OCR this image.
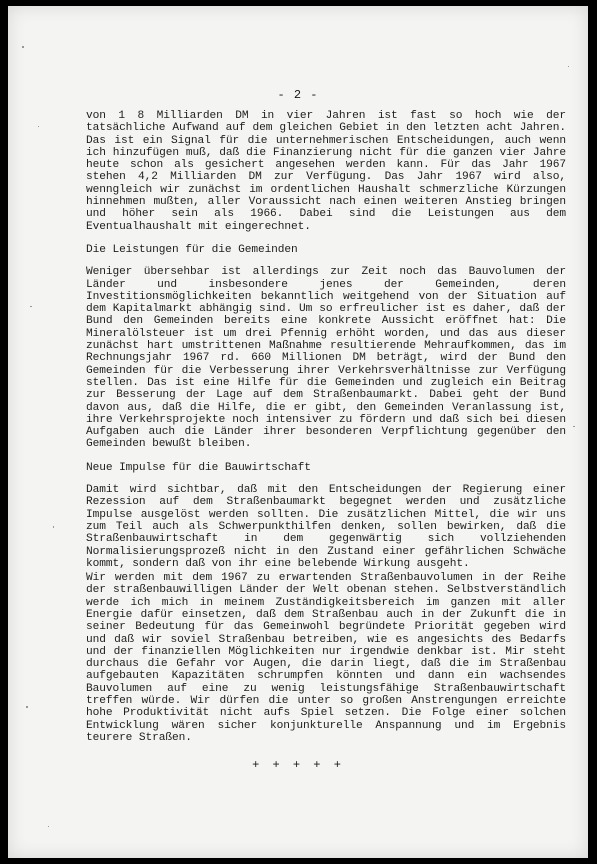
- 2 -

von 1 8 Milliarden DM in vier Jahren ist fast so hoch wie der tatsächliche Aufwand auf dem gleichen Gebiet in den letzten acht Jahren. Das ist ein Signal für die unternehmerischen Entscheidungen, auch wenn ich hinzufügen muß, daß die Finanzierung nicht für die ganzen vier Jahre heute schon als gesichert angesehen werden kann. Für das Jahr 1967 stehen 4,2 Milliarden DM zur Verfügung. Das Jahr 1967 wird also, wenngleich wir zunächst im ordentlichen Haushalt schmerzliche Kürzungen hinnehmen mußten, aller Voraussicht nach einen weiteren Anstieg bringen und höher sein als 1966. Dabei sind die Leistungen aus dem Eventualhaushalt mit eingerechnet.

Die Leistungen für die Gemeinden

Weniger übersehbar ist allerdings zur Zeit noch das Bauvolumen der Länder und insbesondere jenes der Gemeinden, deren Investitionsmöglichkeiten bekanntlich weitgehend von der Situation auf dem Kapitalmarkt abhängig sind. Um so erfreulicher ist es daher, daß der Bund den Gemeinden bereits eine konkrete Aussicht eröffnet hat: Die Mineralölsteuer ist um drei Pfennig erhöht worden, und das aus dieser zunächst hart umstrittenen Maßnahme resultierende Mehraufkommen, das im Rechnungsjahr 1967 rd. 660 Millionen DM beträgt, wird der Bund den Gemeinden für die Verbesserung ihrer Verkehrsverhältnisse zur Verfügung stellen. Das ist eine Hilfe für die Gemeinden und zugleich ein Beitrag zur Besserung der Lage auf dem Straßenbaumarkt. Dabei geht der Bund davon aus, daß die Hilfe, die er gibt, den Gemeinden Veranlassung ist, ihre Verkehrsprojekte noch intensiver zu fördern und daß sich bei diesen Aufgaben auch die Länder ihrer besonderen Verpflichtung gegenüber den Gemeinden bewußt bleiben.

Neue Impulse für die Bauwirtschaft

Damit wird sichtbar, daß mit den Entscheidungen der Regierung einer Rezession auf dem Straßenbaumarkt begegnet werden und zusätzliche Impulse ausgelöst werden sollten. Die zusätzlichen Mittel, die wir uns zum Teil auch als Schwerpunkthilfen denken, sollen bewirken, daß die Straßenbauwirtschaft in dem gegenwärtig sich vollziehenden Normalisierungsprozeß nicht in den Zustand einer gefährlichen Schwäche kommt, sondern daß von ihr eine belebende Wirkung ausgeht.

Wir werden mit dem 1967 zu erwartenden Straßenbauvolumen in der Reihe der straßenbauwilligen Länder der Welt obenan stehen. Selbstverständlich werde ich mich in meinem Zuständigkeitsbereich im ganzen mit aller Energie dafür einsetzen, daß dem Straßenbau auch in der Zukunft die in seiner Bedeutung für das Gemeinwohl begründete Priorität gegeben wird und daß wir soviel Straßenbau betreiben, wie es angesichts des Bedarfs und der finanziellen Möglichkeiten nur irgendwie denkbar ist. Mir steht durchaus die Gefahr vor Augen, die darin liegt, daß die im Straßenbau aufgebauten Kapazitäten schrumpfen könnten und dann ein wachsendes Bauvolumen auf eine zu wenig leistungsfähige Straßenbauwirtschaft treffen würde. Wir dürfen die unter so großen Anstrengungen erreichte hohe Produktivität nicht aufs Spiel setzen. Die Folge einer solchen Entwicklung wären sicher konjunkturelle Anspannung und im Ergebnis teurere Straßen.

+ + + + +
